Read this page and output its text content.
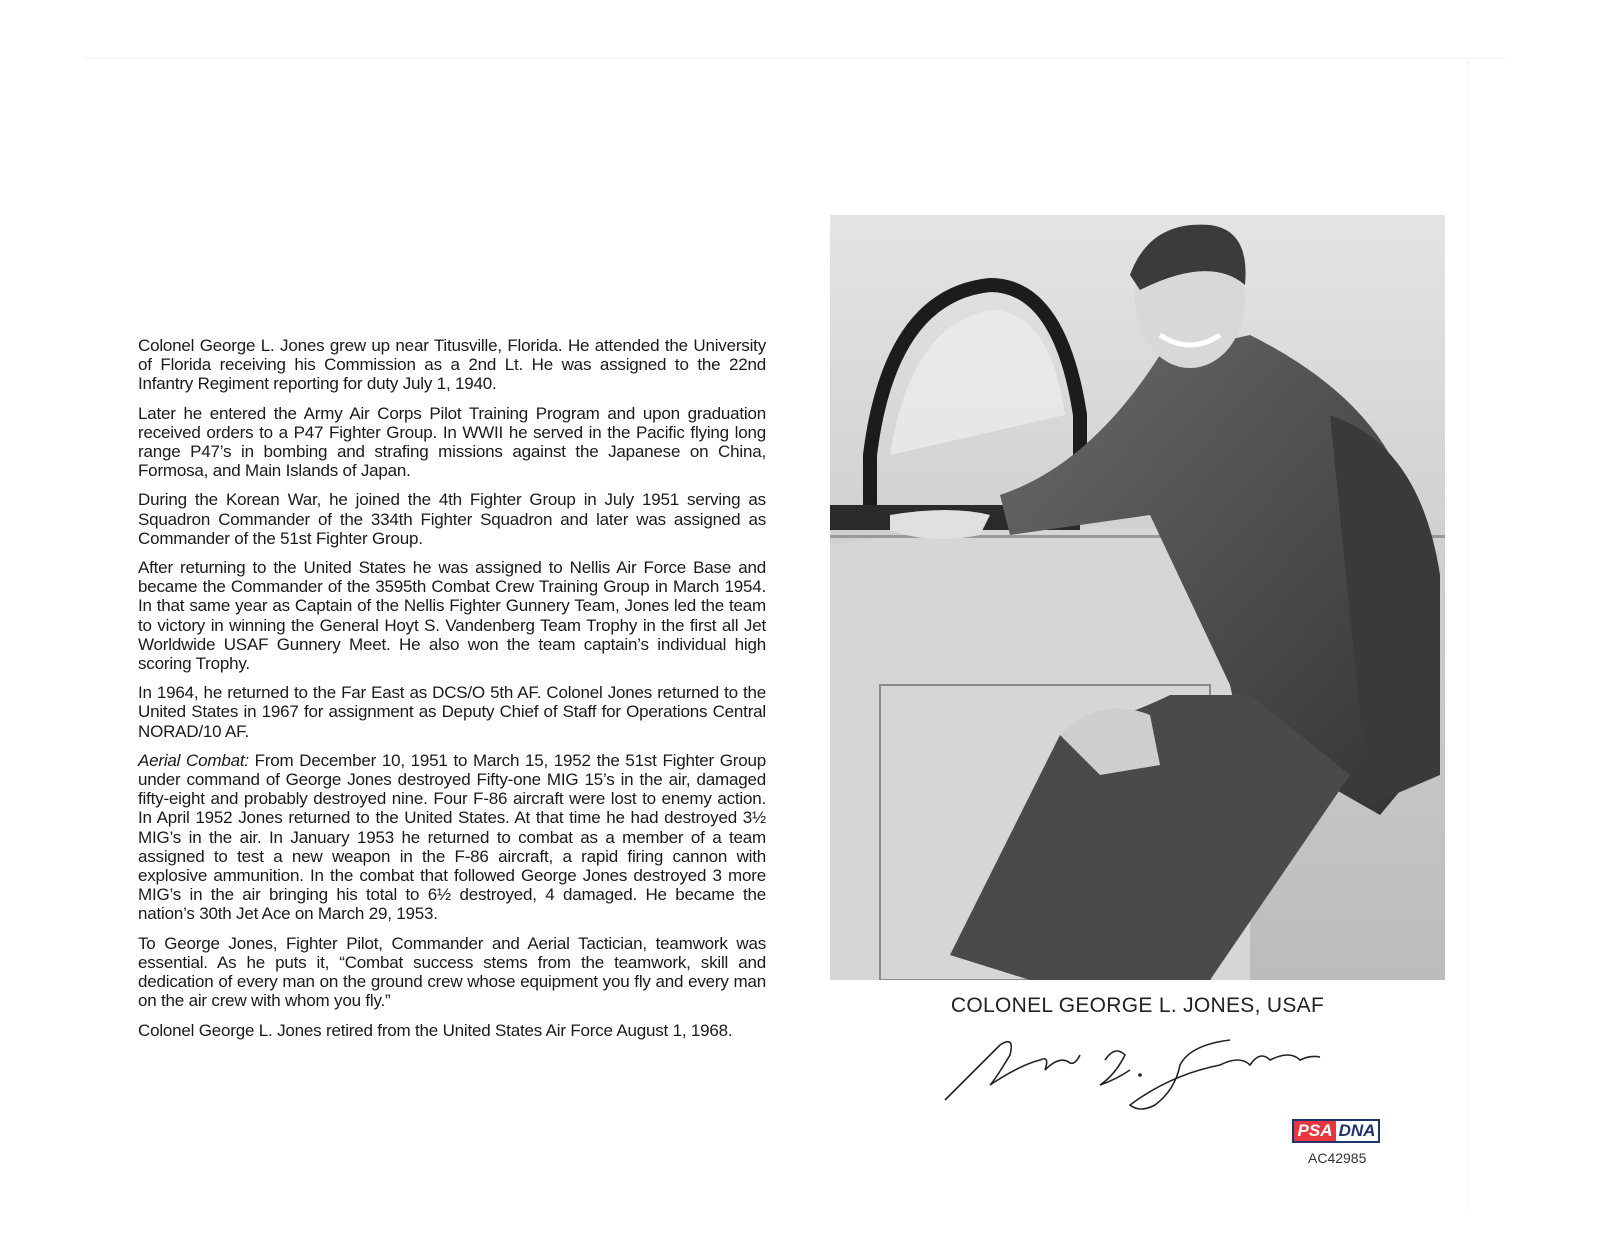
Colonel George L. Jones grew up near Titusville, Florida. He attended the University of Florida receiving his Commission as a 2nd Lt. He was assigned to the 22nd Infantry Regiment reporting for duty July 1, 1940.

Later he entered the Army Air Corps Pilot Training Program and upon graduation received orders to a P47 Fighter Group. In WWII he served in the Pacific flying long range P47’s in bombing and strafing missions against the Japanese on China, Formosa, and Main Islands of Japan.

During the Korean War, he joined the 4th Fighter Group in July 1951 serving as Squadron Commander of the 334th Fighter Squadron and later was assigned as Commander of the 51st Fighter Group.

After returning to the United States he was assigned to Nellis Air Force Base and became the Commander of the 3595th Combat Crew Training Group in March 1954. In that same year as Captain of the Nellis Fighter Gunnery Team, Jones led the team to victory in winning the General Hoyt S. Vandenberg Team Trophy in the first all Jet Worldwide USAF Gunnery Meet. He also won the team captain’s individual high scoring Trophy.

In 1964, he returned to the Far East as DCS/O 5th AF. Colonel Jones returned to the United States in 1967 for assignment as Deputy Chief of Staff for Operations Central NORAD/10 AF.

Aerial Combat: From December 10, 1951 to March 15, 1952 the 51st Fighter Group under command of George Jones destroyed Fifty-one MIG 15’s in the air, damaged fifty-eight and probably destroyed nine. Four F-86 aircraft were lost to enemy action. In April 1952 Jones returned to the United States. At that time he had destroyed 3½ MIG’s in the air. In January 1953 he returned to combat as a member of a team assigned to test a new weapon in the F-86 aircraft, a rapid firing cannon with explosive ammunition. In the combat that followed George Jones destroyed 3 more MIG’s in the air bringing his total to 6½ destroyed, 4 damaged. He became the nation’s 30th Jet Ace on March 29, 1953.

To George Jones, Fighter Pilot, Commander and Aerial Tactician, teamwork was essential. As he puts it, “Combat success stems from the teamwork, skill and dedication of every man on the ground crew whose equipment you fly and every man on the air crew with whom you fly.”

Colonel George L. Jones retired from the United States Air Force August 1, 1968.

COLONEL GEORGE L. JONES, USAF
PSA DNA
AC42985
